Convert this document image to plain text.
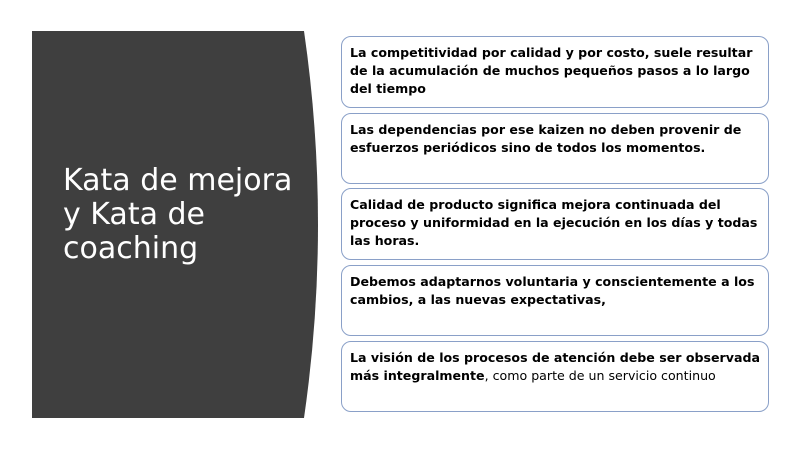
Kata de mejora y Kata de coaching
La competitividad por calidad y por costo, suele resultar de la acumulación de muchos pequeños pasos a lo largo del tiempo
Las dependencias por ese kaizen no deben provenir de esfuerzos periódicos sino de todos los momentos.
Calidad de producto significa mejora continuada del proceso y uniformidad en la ejecución en los días y todas las horas.
Debemos adaptarnos voluntaria y conscientemente a los cambios, a las nuevas expectativas,
La visión de los procesos de atención debe ser observada más integralmente, como parte de un servicio continuo
